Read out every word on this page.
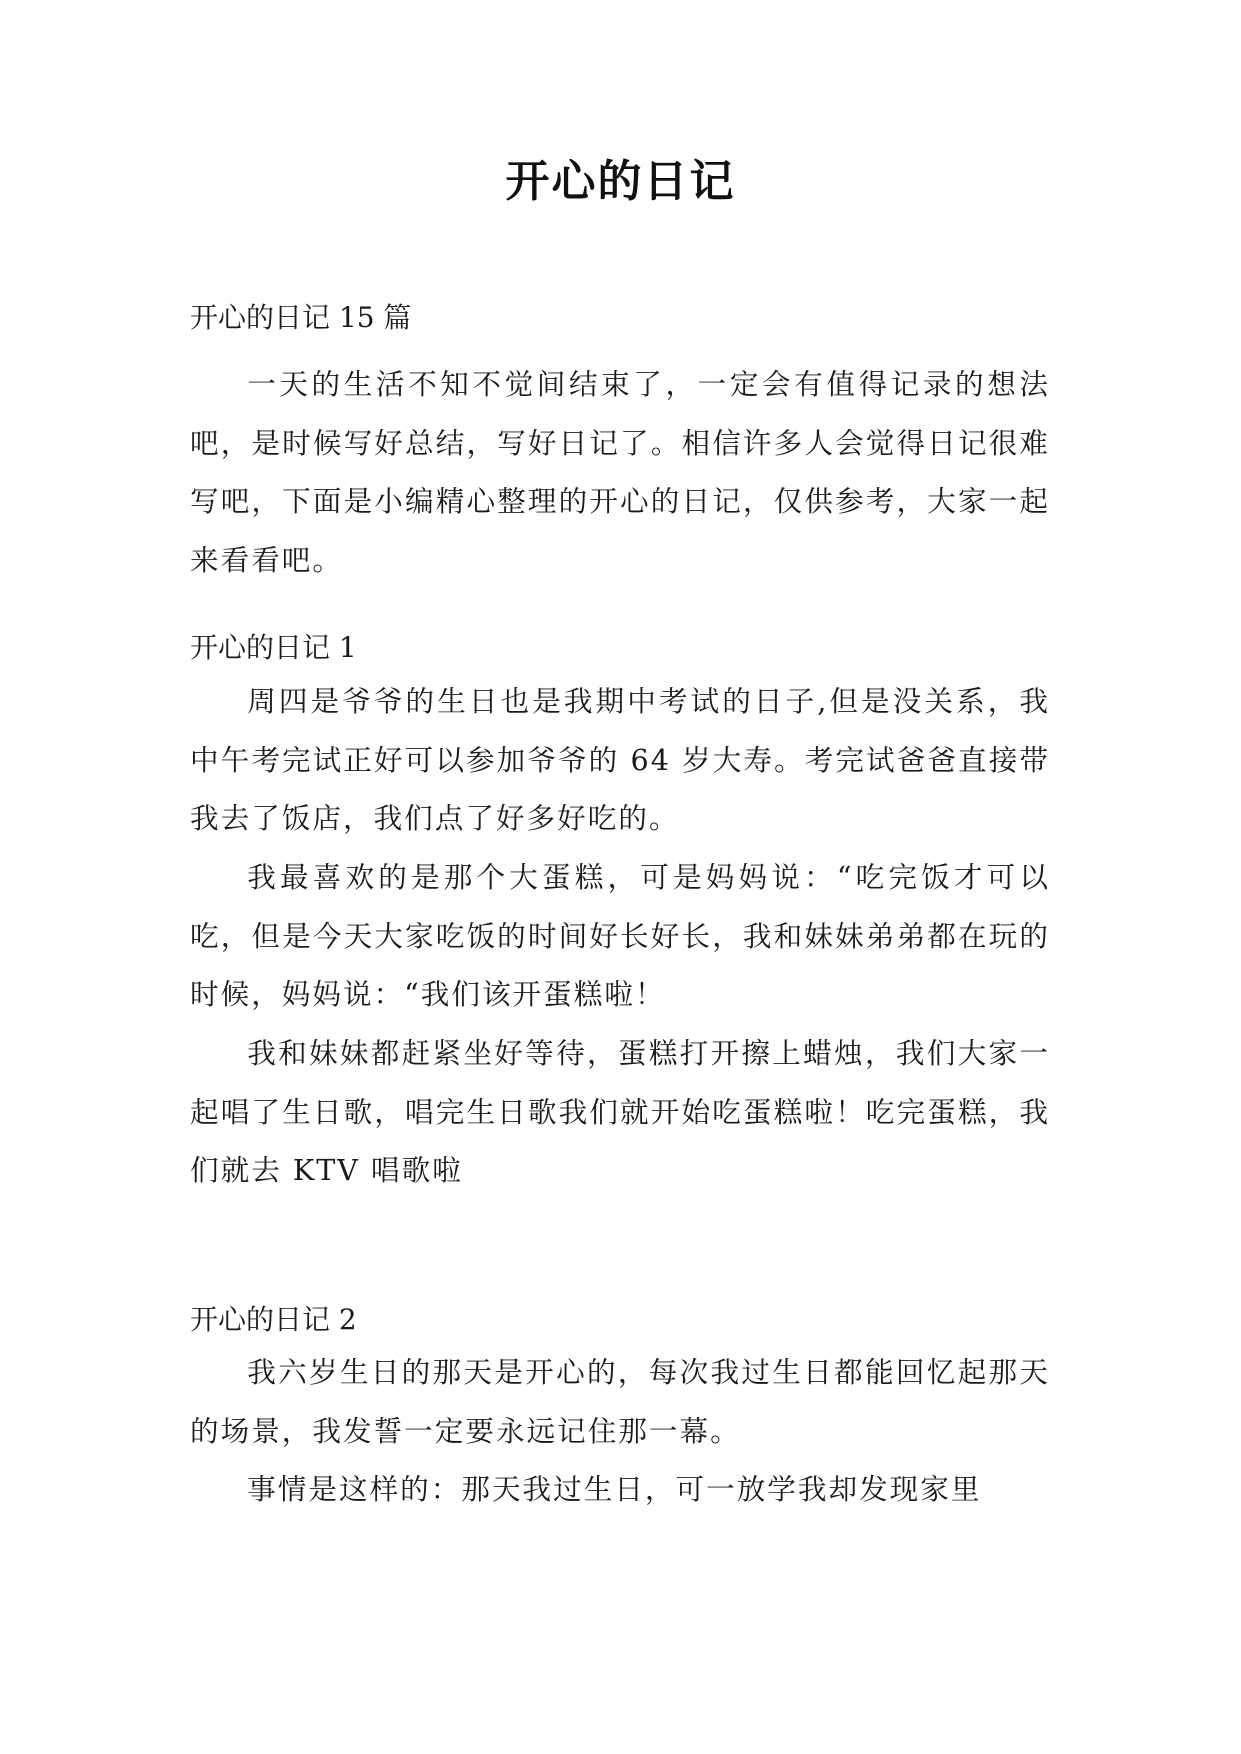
开心的日记
开心的日记 15 篇

一天的生活不知不觉间结束了，一定会有值得记录的想法吧，是时候写好总结，写好日记了。相信许多人会觉得日记很难写吧，下面是小编精心整理的开心的日记，仅供参考，大家一起来看看吧。

开心的日记 1

周四是爷爷的生日也是我期中考试的日子,但是没关系，我中午考完试正好可以参加爷爷的 64 岁大寿。考完试爸爸直接带我去了饭店，我们点了好多好吃的。

我最喜欢的是那个大蛋糕，可是妈妈说：“吃完饭才可以吃，但是今天大家吃饭的时间好长好长，我和妹妹弟弟都在玩的时候，妈妈说：“我们该开蛋糕啦！

我和妹妹都赶紧坐好等待，蛋糕打开擦上蜡烛，我们大家一起唱了生日歌，唱完生日歌我们就开始吃蛋糕啦！吃完蛋糕，我们就去 KTV 唱歌啦

开心的日记 2

我六岁生日的那天是开心的，每次我过生日都能回忆起那天的场景，我发誓一定要永远记住那一幕。

事情是这样的：那天我过生日，可一放学我却发现家里
